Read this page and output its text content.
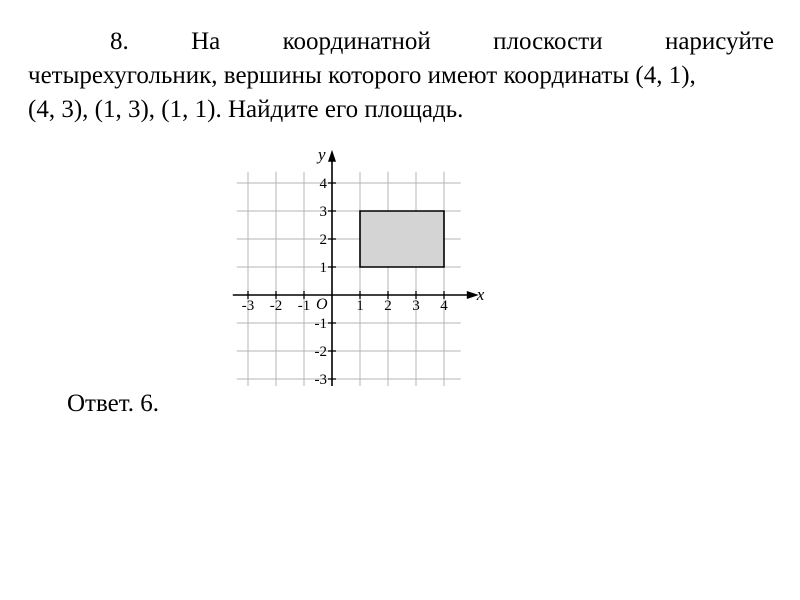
8. На координатной плоскости нарисуйте
четырехугольник, вершины которого имеют координаты (4, 1),
(4, 3), (1, 3), (1, 1). Найдите его площадь.
-3 -2 -1	1 2 3 4
4
3
2
1
-1
-2
-3
x
y
O
Ответ. 6.
